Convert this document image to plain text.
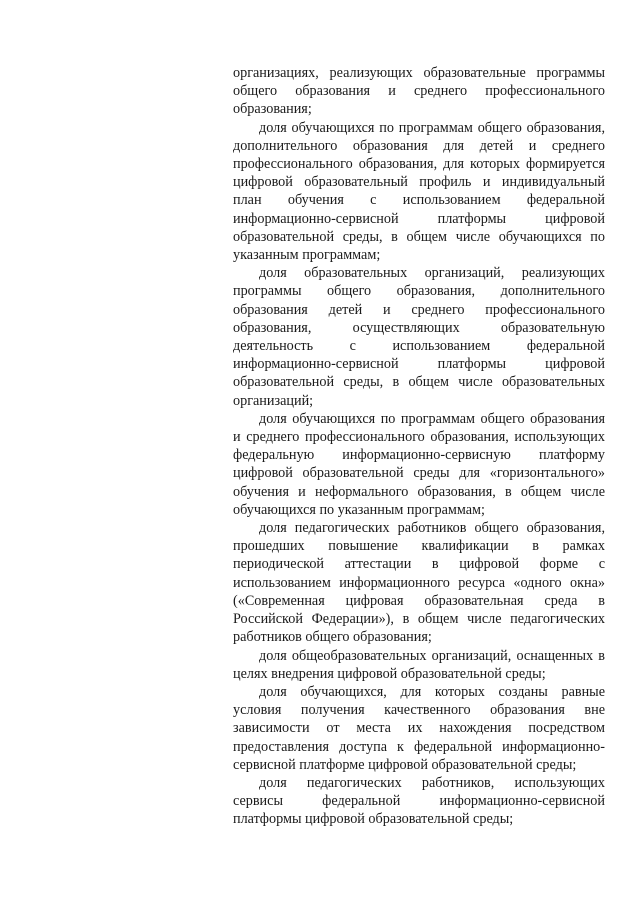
организациях, реализующих образовательные программы общего образования и среднего профессионального образования;

доля обучающихся по программам общего образования, дополнительного образования для детей и среднего профессионального образования, для которых формируется цифровой образовательный профиль и индивидуальный план обучения с использованием федеральной информационно-сервисной платформы цифровой образовательной среды, в общем числе обучающихся по указанным программам;

доля образовательных организаций, реализующих программы общего образования, дополнительного образования детей и среднего профессионального образования, осуществляющих образовательную деятельность с использованием федеральной информационно-сервисной платформы цифровой образовательной среды, в общем числе образовательных организаций;

доля обучающихся по программам общего образования и среднего профессионального образования, использующих федеральную информационно-сервисную платформу цифровой образовательной среды для «горизонтального» обучения и неформального образования, в общем числе обучающихся по указанным программам;

доля педагогических работников общего образования, прошедших повышение квалификации в рамках периодической аттестации в цифровой форме с использованием информационного ресурса «одного окна» («Современная цифровая образовательная среда в Российской Федерации»), в общем числе педагогических работников общего образования;

доля общеобразовательных организаций, оснащенных в целях внедрения цифровой образовательной среды;

доля обучающихся, для которых созданы равные условия получения качественного образования вне зависимости от места их нахождения посредством предоставления доступа к федеральной информационно-сервисной платформе цифровой образовательной среды;

доля педагогических работников, использующих сервисы федеральной информационно-сервисной платформы цифровой образовательной среды;
